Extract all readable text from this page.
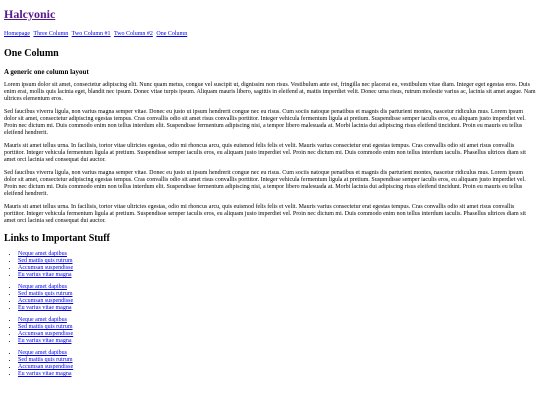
Halcyonic
Homepage Three Column Two Column #1 Two Column #2 One Column
One Column
A generic one column layout

Lorem ipsum dolor sit amet, consectetur adipiscing elit. Nunc quam metus, congue vel suscipit ut, dignissim non risus. Vestibulum ante est, fringilla nec placerat eu, vestibulum vitae diam. Integer eget egestas eros. Duis enim erat, mollis quis lacinia eget, blandit nec ipsum. Donec vitae turpis ipsum. Aliquam mauris libero, sagittis in eleifend at, mattis imperdiet velit. Donec urna risus, rutrum molestie varius ac, lacinia sit amet augue. Nam ultrices elementum eros.

Sed faucibus viverra ligula, non varius magna semper vitae. Donec eu justo ut ipsum hendrerit congue nec eu risus. Cum sociis natoque penatibus et magnis dis parturient montes, nascetur ridiculus mus. Lorem ipsum dolor sit amet, consectetur adipiscing egestas tempus. Cras convallis odio sit amet risus convallis porttitor. Integer vehicula fermentum ligula at pretium. Suspendisse semper iaculis eros, eu aliquam justo imperdiet vel. Proin nec dictum mi. Duis commodo enim non tellus interdum elit. Suspendisse fermentum adipiscing nisi, a tempor libero malesuada at. Morbi lacinia dui adipiscing risus eleifend tincidunt. Proin eu mauris eu tellus eleifend hendrerit.

Mauris sit amet tellus urna. In facilisis, tortor vitae ultricies egestas, odio mi rhoncus arcu, quis euismod felis felis et velit. Mauris varius consectetur erat egestas tempus. Cras convallis odio sit amet risus convallis porttitor. Integer vehicula fermentum ligula at pretium. Suspendisse semper iaculis eros, eu aliquam justo imperdiet vel. Proin nec dictum mi. Duis commodo enim non tellus interdum iaculis. Phasellus ultrices diam sit amet orci lacinia sed consequat dui auctor.

Sed faucibus viverra ligula, non varius magna semper vitae. Donec eu justo ut ipsum hendrerit congue nec eu risus. Cum sociis natoque penatibus et magnis dis parturient montes, nascetur ridiculus mus. Lorem ipsum dolor sit amet, consectetur adipiscing egestas tempus. Cras convallis odio sit amet risus convallis porttitor. Integer vehicula fermentum ligula at pretium. Suspendisse semper iaculis eros, eu aliquam justo imperdiet vel. Proin nec dictum mi. Duis commodo enim non tellus interdum elit. Suspendisse fermentum adipiscing nisi, a tempor libero malesuada at. Morbi lacinia dui adipiscing risus eleifend tincidunt. Proin eu mauris eu tellus eleifend hendrerit.

Mauris sit amet tellus urna. In facilisis, tortor vitae ultricies egestas, odio mi rhoncus arcu, quis euismod felis felis et velit. Mauris varius consectetur erat egestas tempus. Cras convallis odio sit amet risus convallis porttitor. Integer vehicula fermentum ligula at pretium. Suspendisse semper iaculis eros, eu aliquam justo imperdiet vel. Proin nec dictum mi. Duis commodo enim non tellus interdum iaculis. Phasellus ultrices diam sit amet orci lacinia sed consequat dui auctor.

Links to Important Stuff
• Neque amet dapibus
• Sed mattis quis rutrum
• Accumsan suspendisse
• Eu varius vitae magna
• Neque amet dapibus
• Sed mattis quis rutrum
• Accumsan suspendisse
• Eu varius vitae magna
• Neque amet dapibus
• Sed mattis quis rutrum
• Accumsan suspendisse
• Eu varius vitae magna
• Neque amet dapibus
• Sed mattis quis rutrum
• Accumsan suspendisse
• Eu varius vitae magna
